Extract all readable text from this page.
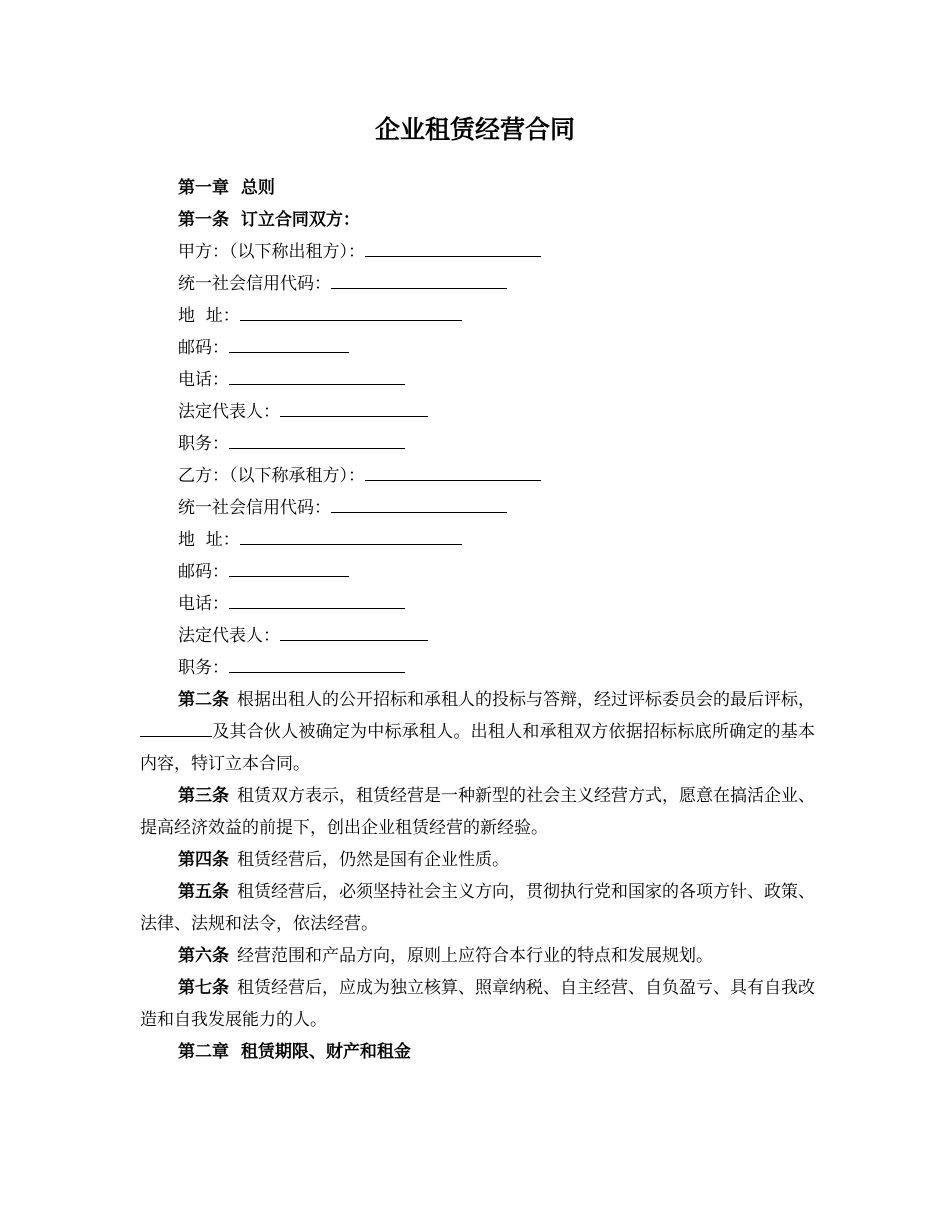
企业租赁经营合同
第一章 总则
第一条 订立合同双方：
甲方：（以下称出租方）：
统一社会信用代码：
地  址：
邮码：
电话：
法定代表人：
职务：
乙方：（以下称承租方）：
统一社会信用代码：
地  址：
邮码：
电话：
法定代表人：
职务：

第二条 根据出租人的公开招标和承租人的投标与答辩，经过评标委员会的最后评标，及其合伙人被确定为中标承租人。出租人和承租双方依据招标标底所确定的基本内容，特订立本合同。

第三条 租赁双方表示，租赁经营是一种新型的社会主义经营方式，愿意在搞活企业、提高经济效益的前提下，创出企业租赁经营的新经验。

第四条 租赁经营后，仍然是国有企业性质。

第五条 租赁经营后，必须坚持社会主义方向，贯彻执行党和国家的各项方针、政策、法律、法规和法令，依法经营。

第六条 经营范围和产品方向，原则上应符合本行业的特点和发展规划。

第七条 租赁经营后，应成为独立核算、照章纳税、自主经营、自负盈亏、具有自我改造和自我发展能力的人。

第二章 租赁期限、财产和租金
